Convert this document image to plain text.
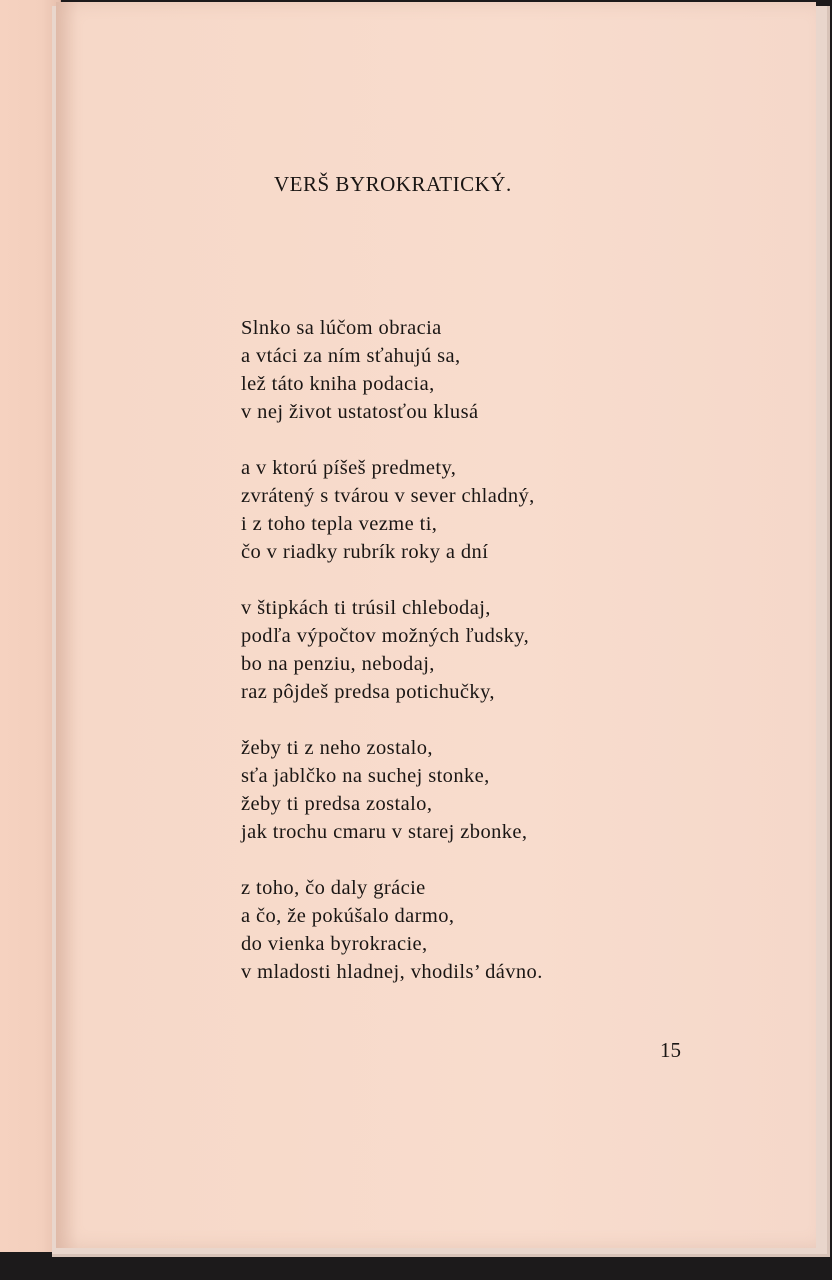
VERŠ BYROKRATICKÝ.

Slnko sa lúčom obracia
a vtáci za ním sťahujú sa,
lež táto kniha podacia,
v nej život ustatosťou klusá

a v ktorú píšeš predmety,
zvrátený s tvárou v sever chladný,
i z toho tepla vezme ti,
čo v riadky rubrík roky a dní

v štipkách ti trúsil chlebodaj,
podľa výpočtov možných ľudsky,
bo na penziu, nebodaj,
raz pôjdeš predsa potichučky,

žeby ti z neho zostalo,
sťa jablčko na suchej stonke,
žeby ti predsa zostalo,
jak trochu cmaru v starej zbonke,

z toho, čo daly grácie
a čo, že pokúšalo darmo,
do vienka byrokracie,
v mladosti hladnej, vhodils’ dávno.

15
